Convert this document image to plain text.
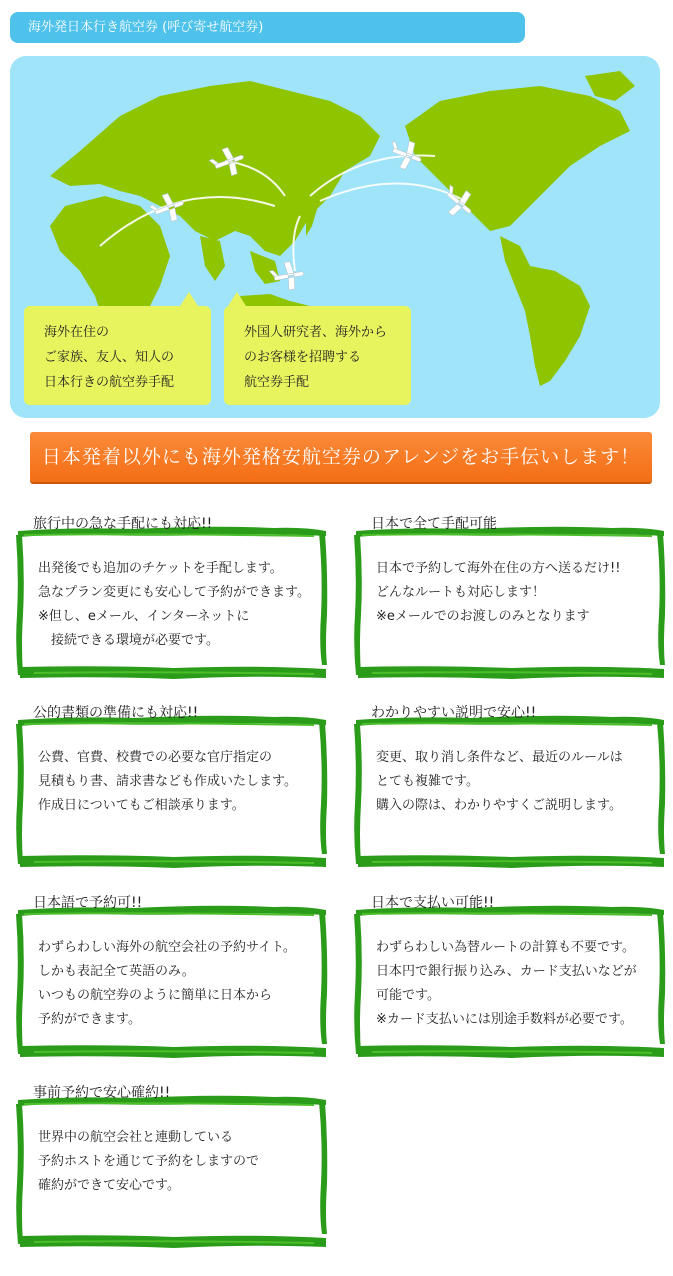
海外発日本行き航空券 (呼び寄せ航空券)
海外在住の
ご家族、友人、知人の
日本行きの航空券手配
外国人研究者、海外から
のお客様を招聘する
航空券手配
日本発着以外にも海外発格安航空券のアレンジをお手伝いします！
旅行中の急な手配にも対応!!
出発後でも追加のチケットを手配します。
急なプラン変更にも安心して予約ができます。
※但し、eメール、インターネットに
　接続できる環境が必要です。
日本で全て手配可能
日本で予約して海外在住の方へ送るだけ!!
どんなルートも対応します！
※eメールでのお渡しのみとなります
公的書類の準備にも対応!!
公費、官費、校費での必要な官庁指定の
見積もり書、請求書なども作成いたします。
作成日についてもご相談承ります。
わかりやすい説明で安心!!
変更、取り消し条件など、最近のルールは
とても複雑です。
購入の際は、わかりやすくご説明します。
日本語で予約可!!
わずらわしい海外の航空会社の予約サイト。
しかも表記全て英語のみ。
いつもの航空券のように簡単に日本から
予約ができます。
日本で支払い可能!!
わずらわしい為替ルートの計算も不要です。
日本円で銀行振り込み、カード支払いなどが
可能です。
※カード支払いには別途手数料が必要です。
事前予約で安心確約!!
世界中の航空会社と連動している
予約ホストを通じて予約をしますので
確約ができて安心です。
